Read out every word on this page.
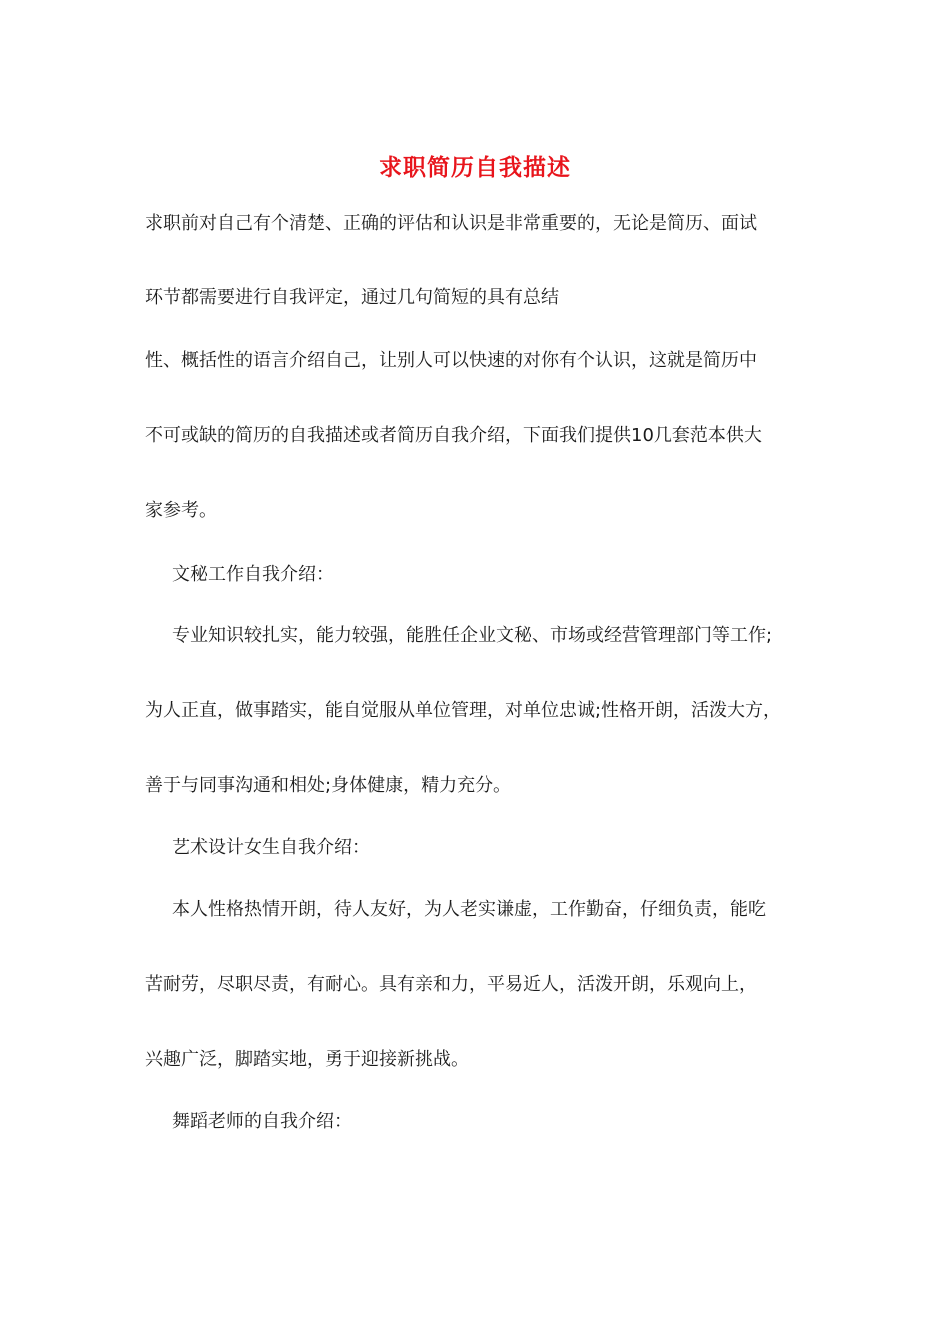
求职简历自我描述
求职前对自己有个清楚、正确的评估和认识是非常重要的，无论是简历、面试
环节都需要进行自我评定，通过几句简短的具有总结
性、概括性的语言介绍自己，让别人可以快速的对你有个认识，这就是简历中
不可或缺的简历的自我描述或者简历自我介绍，下面我们提供10几套范本供大
家参考。
文秘工作自我介绍：
专业知识较扎实，能力较强，能胜任企业文秘、市场或经营管理部门等工作;
为人正直，做事踏实，能自觉服从单位管理，对单位忠诚;性格开朗，活泼大方，
善于与同事沟通和相处;身体健康，精力充分。
艺术设计女生自我介绍：
本人性格热情开朗，待人友好，为人老实谦虚，工作勤奋，仔细负责，能吃
苦耐劳，尽职尽责，有耐心。具有亲和力，平易近人，活泼开朗，乐观向上，
兴趣广泛，脚踏实地，勇于迎接新挑战。
舞蹈老师的自我介绍：
